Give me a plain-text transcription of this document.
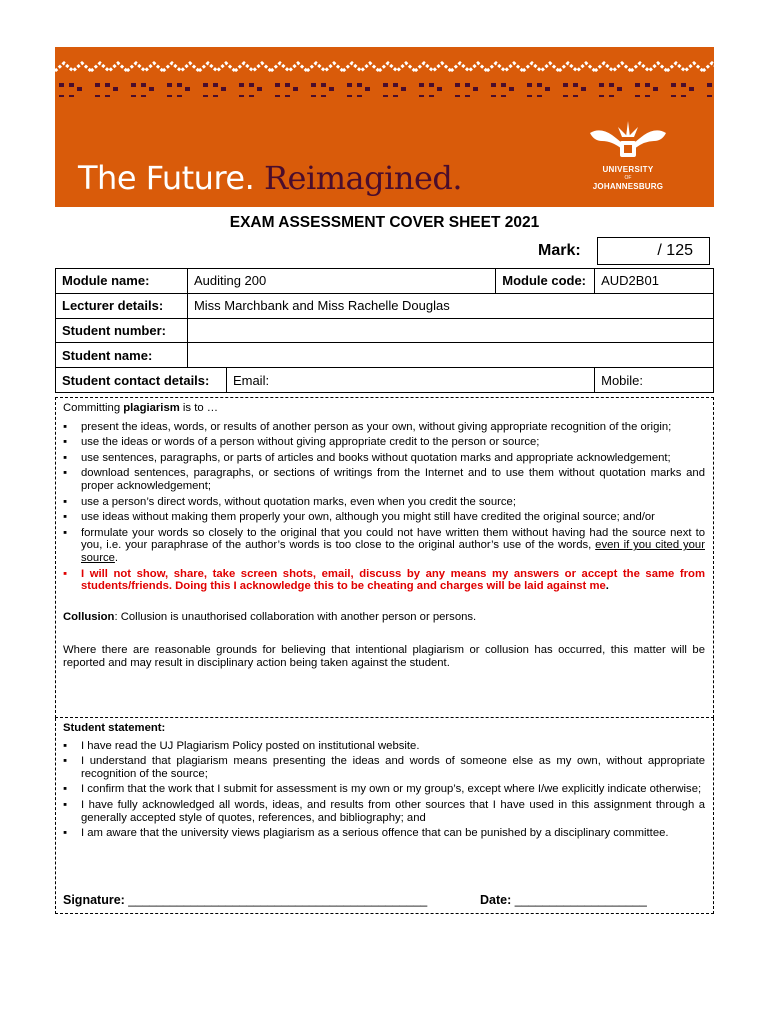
The Future. Reimagined.	UNIVERSITY
OF
JOHANNESBURG
EXAM ASSESSMENT COVER SHEET 2021
Mark:	/ 125
Module name:	Auditing 200		Module code:	AUD2B01
Lecturer details:	Miss Marchbank and Miss Rachelle Douglas			
Student number:				
Student name:				
Student contact details:		Email:		Mobile:
Committing plagiarism is to …
▪ present the ideas, words, or results of another person as your own, without giving appropriate recognition of the origin;
▪ use the ideas or words of a person without giving appropriate credit to the person or source;
▪ use sentences, paragraphs, or parts of articles and books without quotation marks and appropriate acknowledgement;
▪ download sentences, paragraphs, or sections of writings from the Internet and to use them without quotation marks and proper acknowledgement;
▪ use a person’s direct words, without quotation marks, even when you credit the source;
▪ use ideas without making them properly your own, although you might still have credited the original source; and/or
▪ formulate your words so closely to the original that you could not have written them without having had the source next to you, i.e. your paraphrase of the author’s words is too close to the original author’s use of the words, even if you cited your source.
▪ I will not show, share, take screen shots, email, discuss by any means my answers or accept the same from students/friends. Doing this I acknowledge this to be cheating and charges will be laid against me.
Collusion: Collusion is unauthorised collaboration with another person or persons.
Where there are reasonable grounds for believing that intentional plagiarism or collusion has occurred, this matter will be reported and may result in disciplinary action being taken against the student.
Student statement:
▪ I have read the UJ Plagiarism Policy posted on institutional website.
▪ I understand that plagiarism means presenting the ideas and words of someone else as my own, without appropriate recognition of the source;
▪ I confirm that the work that I submit for assessment is my own or my group’s, except where I/we explicitly indicate otherwise;
▪ I have fully acknowledged all words, ideas, and results from other sources that I have used in this assignment through a generally accepted style of quotes, references, and bibliography; and
▪ I am aware that the university views plagiarism as a serious offence that can be punished by a disciplinary committee.
Signature: ___________________________________________	Date: ___________________
